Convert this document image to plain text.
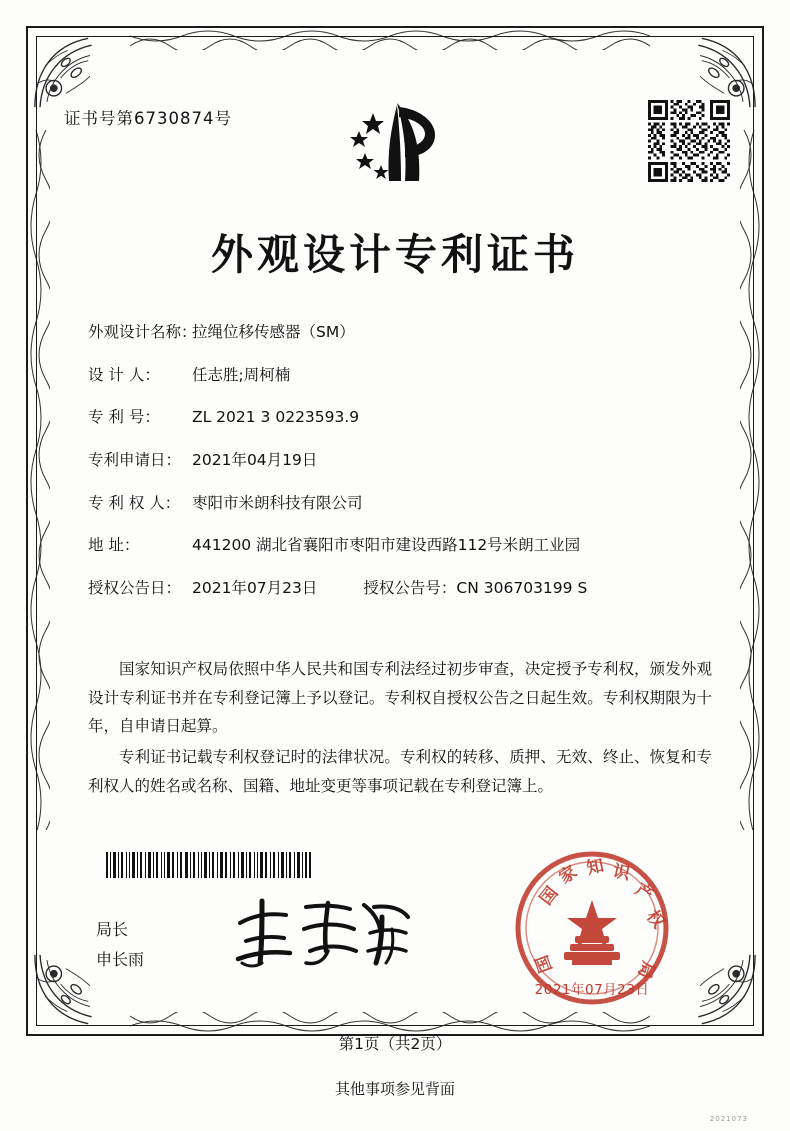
证书号第6730874号
外观设计专利证书
外观设计名称：
拉绳位移传感器（SM）
设 计 人：	任志胜;周柯楠
专 利 号：	ZL 2021 3 0223593.9
专利申请日： 2021年04月19日
专 利 权 人： 枣阳市米朗科技有限公司
地 址：	441200 湖北省襄阳市枣阳市建设西路112号米朗工业园
授权公告日： 2021年07月23日	授权公告号： CN 306703199 S

国家知识产权局依照中华人民共和国专利法经过初步审查，决定授予专利权，颁发外观设计专利证书并在专利登记簿上予以登记。专利权自授权公告之日起生效。专利权期限为十年，自申请日起算。

专利证书记载专利权登记时的法律状况。专利权的转移、质押、无效、终止、恢复和专利权人的姓名或名称、国籍、地址变更等事项记载在专利登记簿上。

局长
申长雨
国
家 知 识
产
权
局
国
2021年07月23日
第1页（共2页）
其他事项参见背面
2021073
